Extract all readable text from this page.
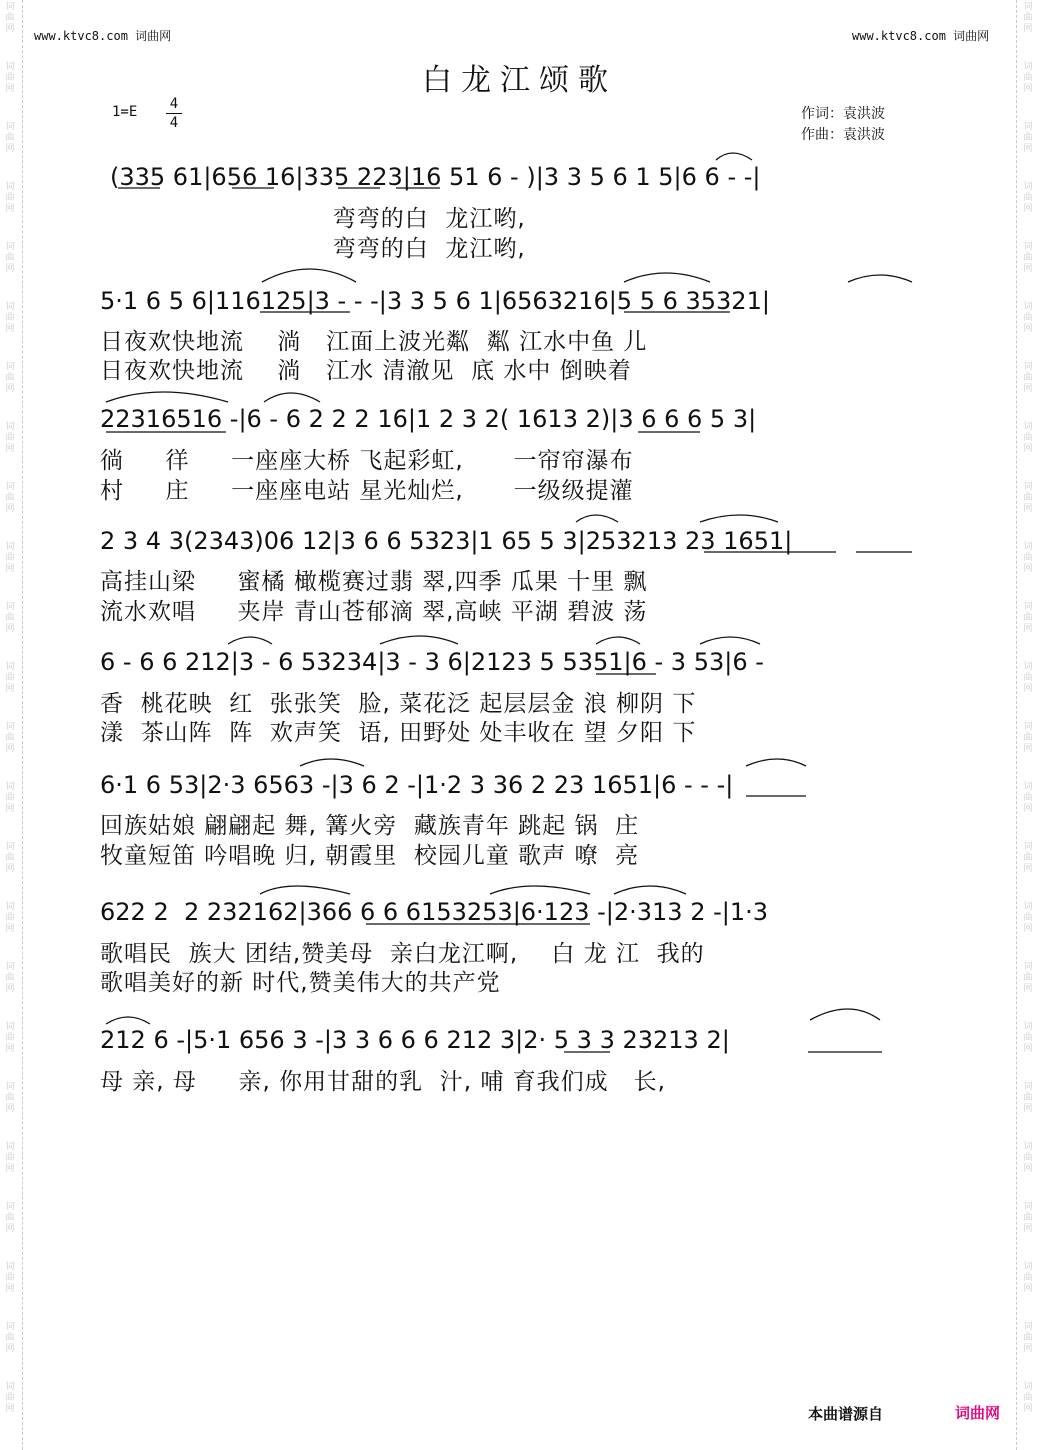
词
曲
网
词
曲
网
词
曲
网
词
曲
网
词
曲
网
词
曲
网
词
曲
网
词
曲
网
词
曲
网
词
曲
网
词
曲
网
词
曲
网
词
曲
网
词
曲
网
词
曲
网
词
曲
网
词
曲
网
词
曲
网
词
曲
网
词
曲
网
词
曲
网
词
曲
网
词
曲
网
词
曲
网
词
曲
网
词
曲
网
词
曲
网
词
曲
网
词
曲
网
词
曲
网
词
曲
网
词
曲
网
词
曲
网
词
曲
网
词
曲
网
词
曲
网
词
曲
网
词
曲
网
词
曲
网
词
曲
网
词
曲
网
词
曲
网
词
曲
网
词
曲
网
词
曲
网
词
曲
网
词
曲
网
词
曲
网
www.ktvc8.com 词曲网	www.ktvc8.com 词曲网
白龙江颂歌
1=E 4
4
作词：袁洪波
作曲：袁洪波
(335 61|656 16|335 223|16 51 6 - )|3 3 5 6 1 5|6 6 - -|
弯弯的白  龙江哟,
弯弯的白  龙江哟,
5·1 6 5 6|116125|3 - - -|3 3 5 6 1|6563216|5 5 6 35321|
日夜欢快地流    淌   江面上波光粼  粼 江水中鱼 儿
日夜欢快地流    淌   江水 清澈见  底 水中 倒映着
22316516 -|6 - 6 2 2 2 16|1 2 3 2( 1613 2)|3 6 6 6 5 3|
徜     徉     一座座大桥 飞起彩虹,      一帘帘瀑布
村     庄     一座座电站 星光灿烂,      一级级提灌
2 3 4 3(2343)06 12|3 6 6 5323|1 65 5 3|253213 23 1651|
高挂山梁     蜜橘 橄榄赛过翡 翠,四季 瓜果 十里 飘
流水欢唱     夹岸 青山苍郁滴 翠,高峡 平湖 碧波 荡
6 - 6 6 212|3 - 6 53234|3 - 3 6|2123 5 5351|6 - 3 53|6 -
香  桃花映  红  张张笑  脸, 菜花泛 起层层金 浪 柳阴 下
漾  茶山阵  阵  欢声笑  语, 田野处 处丰收在 望 夕阳 下
6·1 6 53|2·3 6563 -|3 6 2 -|1·2 3 36 2 23 1651|6 - - -|
回族姑娘 翩翩起 舞, 篝火旁  藏族青年 跳起 锅  庄
牧童短笛 吟唱晚 归, 朝霞里  校园儿童 歌声 嘹  亮
622 2  2 232162|366 6 6 6153253|6·123 -|2·313 2 -|1·3
歌唱民  族大 团结,赞美母  亲白龙江啊,    白 龙 江  我的
歌唱美好的新 时代,赞美伟大的共产党
212 6 -|5·1 656 3 -|3 3 6 6 6 212 3|2· 5 3 3 23213 2|
母 亲, 母     亲, 你用甘甜的乳  汁, 哺 育我们成   长,
本曲谱源自	词曲网
